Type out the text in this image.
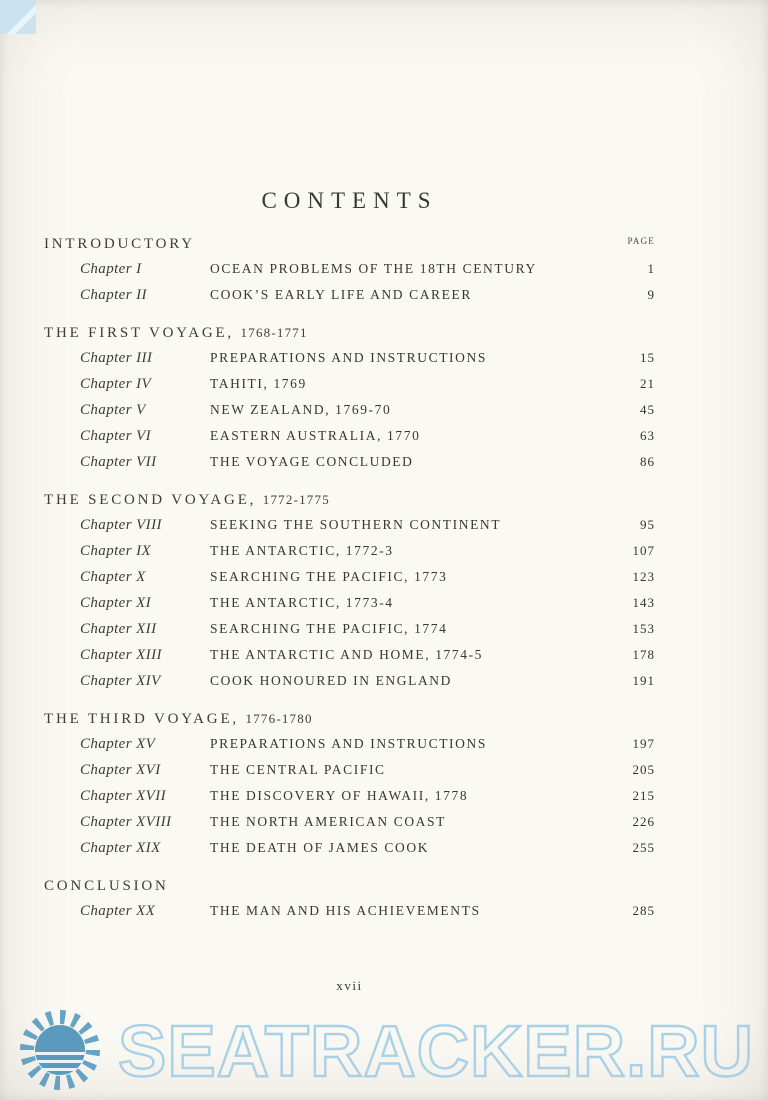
CONTENTS
INTRODUCTORY	PAGE
Chapter I	OCEAN PROBLEMS OF THE 18TH CENTURY	1
Chapter II	COOK’S EARLY LIFE AND CAREER	9
THE FIRST VOYAGE, 1768-1771
Chapter III	PREPARATIONS AND INSTRUCTIONS	15
Chapter IV	TAHITI, 1769	21
Chapter V	NEW ZEALAND, 1769-70	45
Chapter VI	EASTERN AUSTRALIA, 1770	63
Chapter VII	THE VOYAGE CONCLUDED	86
THE SECOND VOYAGE, 1772-1775
Chapter VIII	SEEKING THE SOUTHERN CONTINENT	95
Chapter IX	THE ANTARCTIC, 1772-3	107
Chapter X	SEARCHING THE PACIFIC, 1773	123
Chapter XI	THE ANTARCTIC, 1773-4	143
Chapter XII	SEARCHING THE PACIFIC, 1774	153
Chapter XIII	THE ANTARCTIC AND HOME, 1774-5	178
Chapter XIV	COOK HONOURED IN ENGLAND	191
THE THIRD VOYAGE, 1776-1780
Chapter XV	PREPARATIONS AND INSTRUCTIONS	197
Chapter XVI	THE CENTRAL PACIFIC	205
Chapter XVII	THE DISCOVERY OF HAWAII, 1778	215
Chapter XVIII	THE NORTH AMERICAN COAST	226
Chapter XIX	THE DEATH OF JAMES COOK	255
CONCLUSION
Chapter XX	THE MAN AND HIS ACHIEVEMENTS	285
xvii
SEATRACKER.RU
